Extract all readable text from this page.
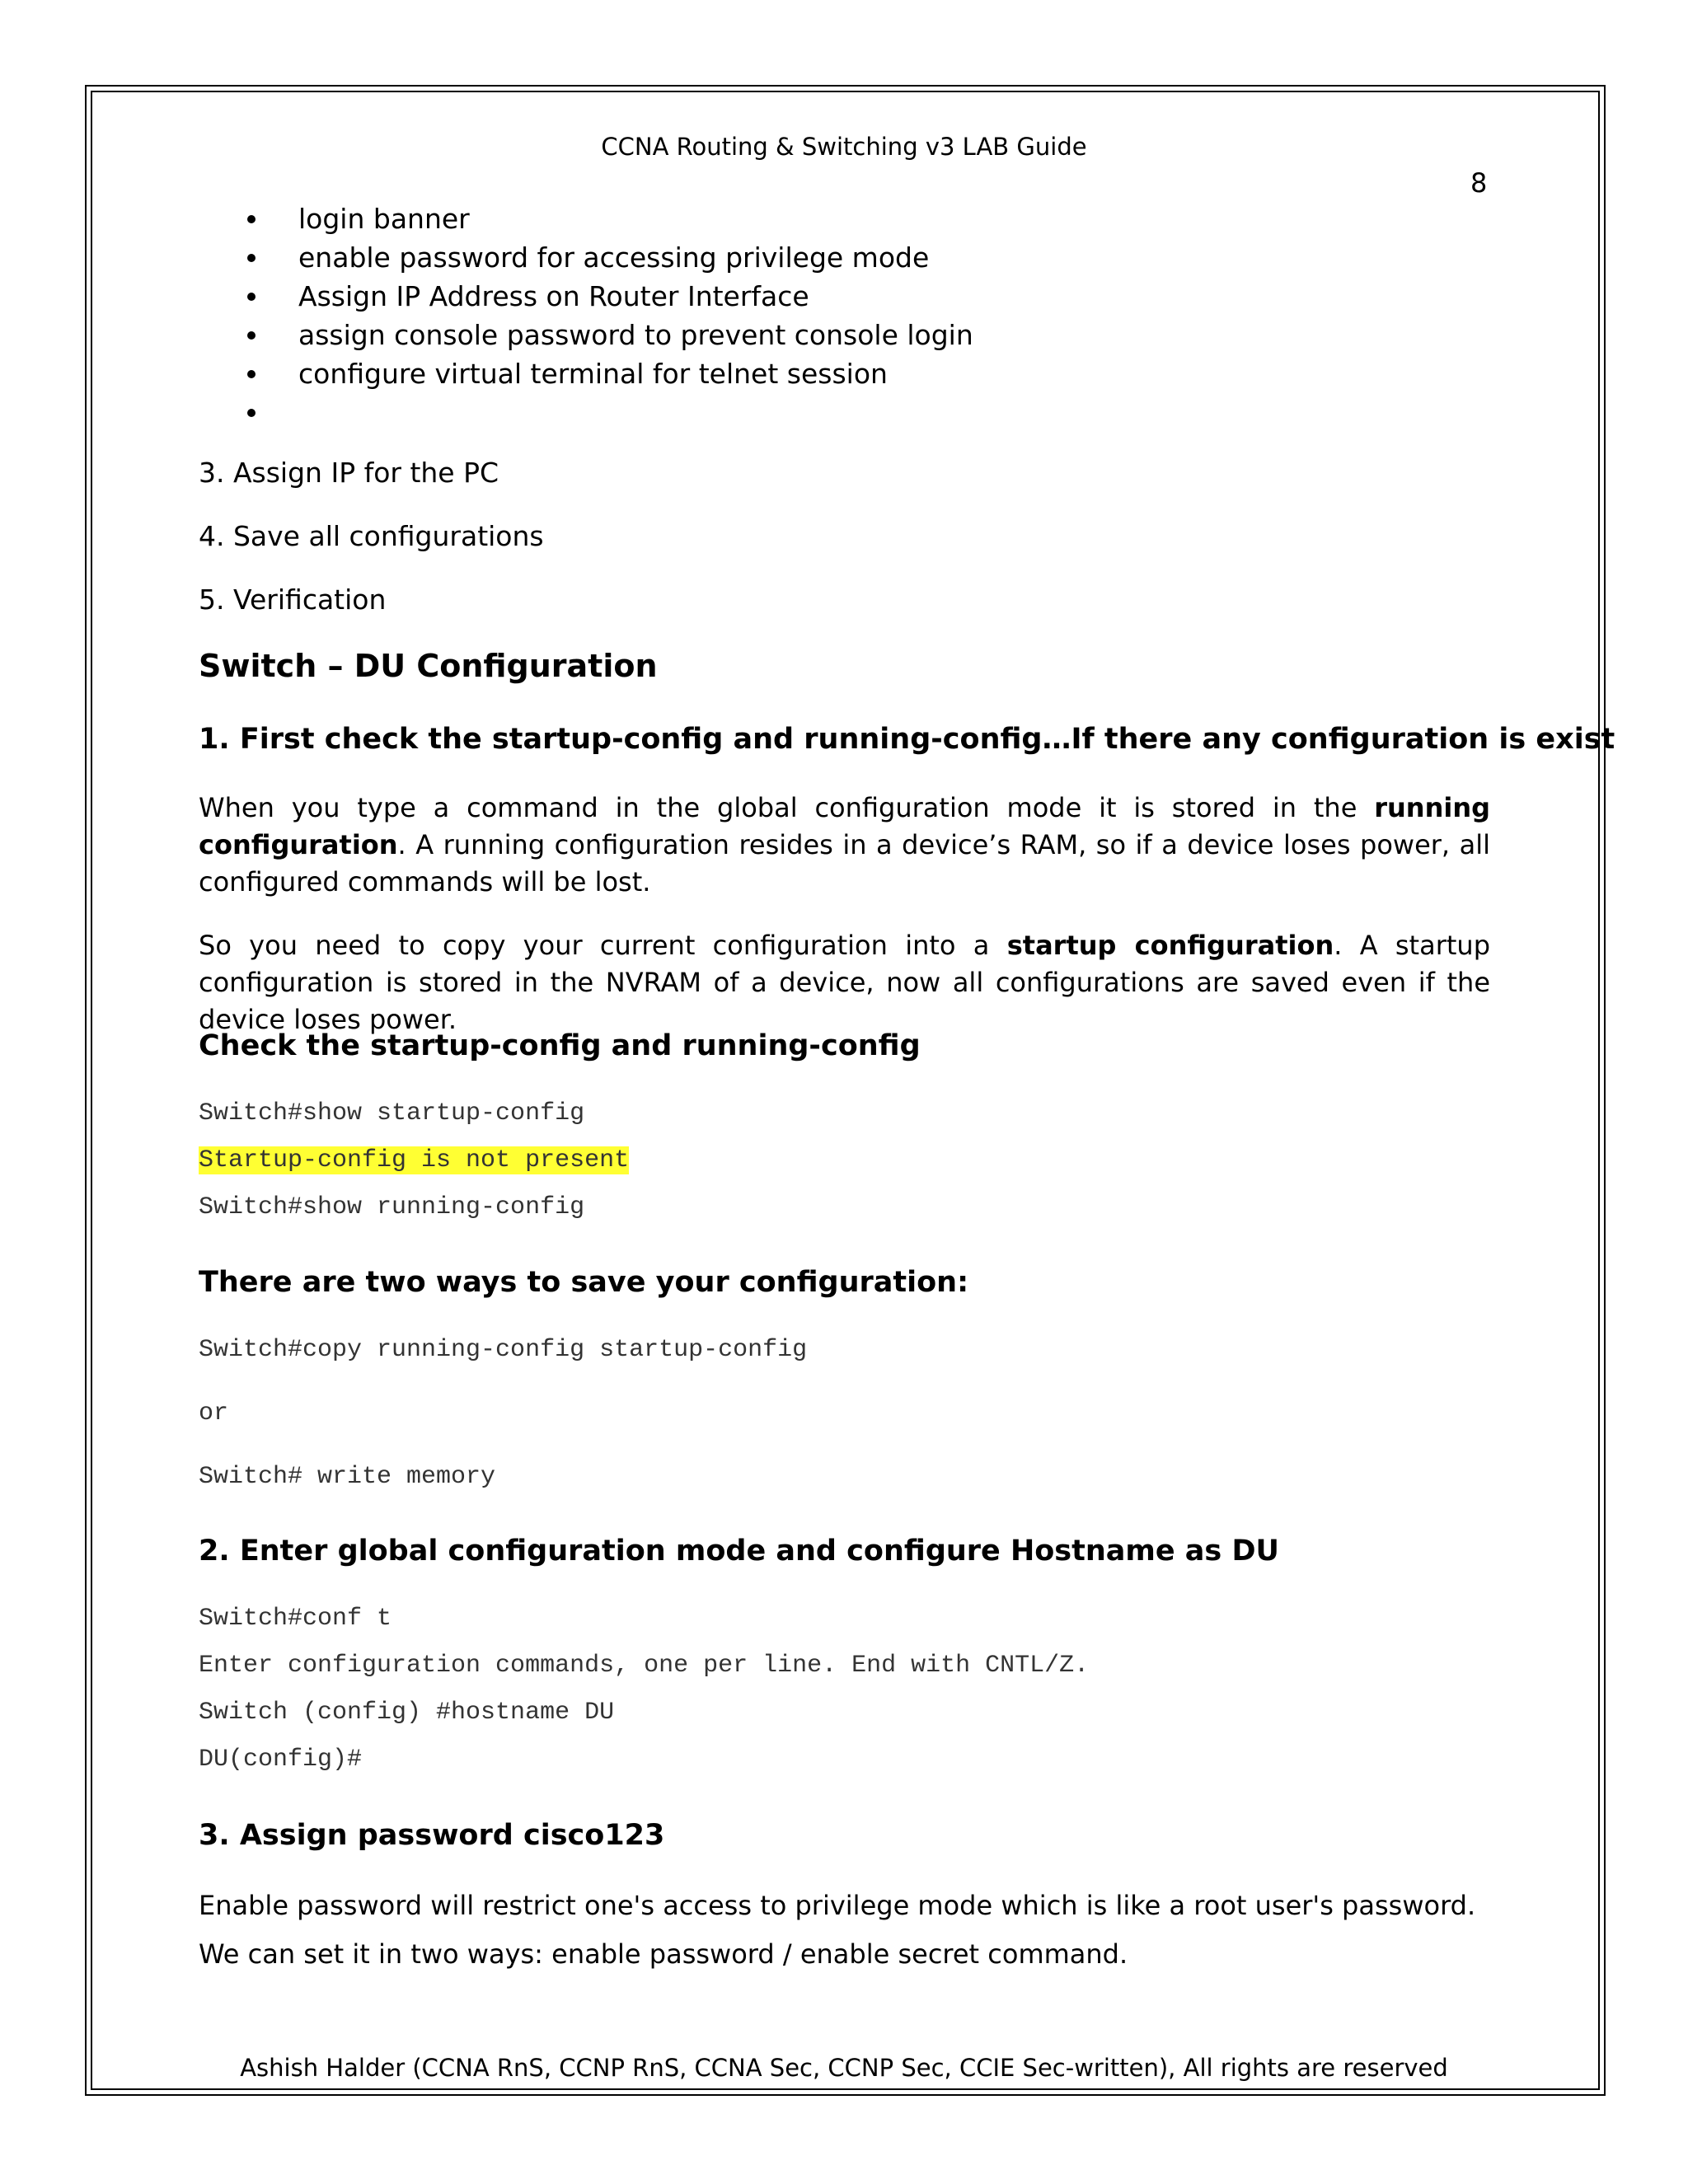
CCNA Routing & Switching v3 LAB Guide
8
login banner
enable password for accessing privilege mode
Assign IP Address on Router Interface
assign console password to prevent console login
configure virtual terminal for telnet session
3. Assign IP for the PC
4. Save all configurations
5. Verification
Switch – DU Configuration
1. First check the startup-config and running-config…If there any configuration is exist

When you type a command in the global configuration mode it is stored in the running configuration. A running configuration resides in a device’s RAM, so if a device loses power, all configured commands will be lost.

So you need to copy your current configuration into a startup configuration. A startup configuration is stored in the NVRAM of a device, now all configurations are saved even if the device loses power.

Check the startup-config and running-config
Switch#show startup-config
Startup-config is not present
Switch#show running-config
There are two ways to save your configuration:
Switch#copy running-config startup-config
or
Switch# write memory
2. Enter global configuration mode and configure Hostname as DU
Switch#conf t
Enter configuration commands, one per line. End with CNTL/Z.
Switch (config) #hostname DU
DU(config)#
3. Assign password cisco123

Enable password will restrict one's access to privilege mode which is like a root user's password. We can set it in two ways: enable password / enable secret command.

Ashish Halder (CCNA RnS, CCNP RnS, CCNA Sec, CCNP Sec, CCIE Sec-written), All rights are reserved
